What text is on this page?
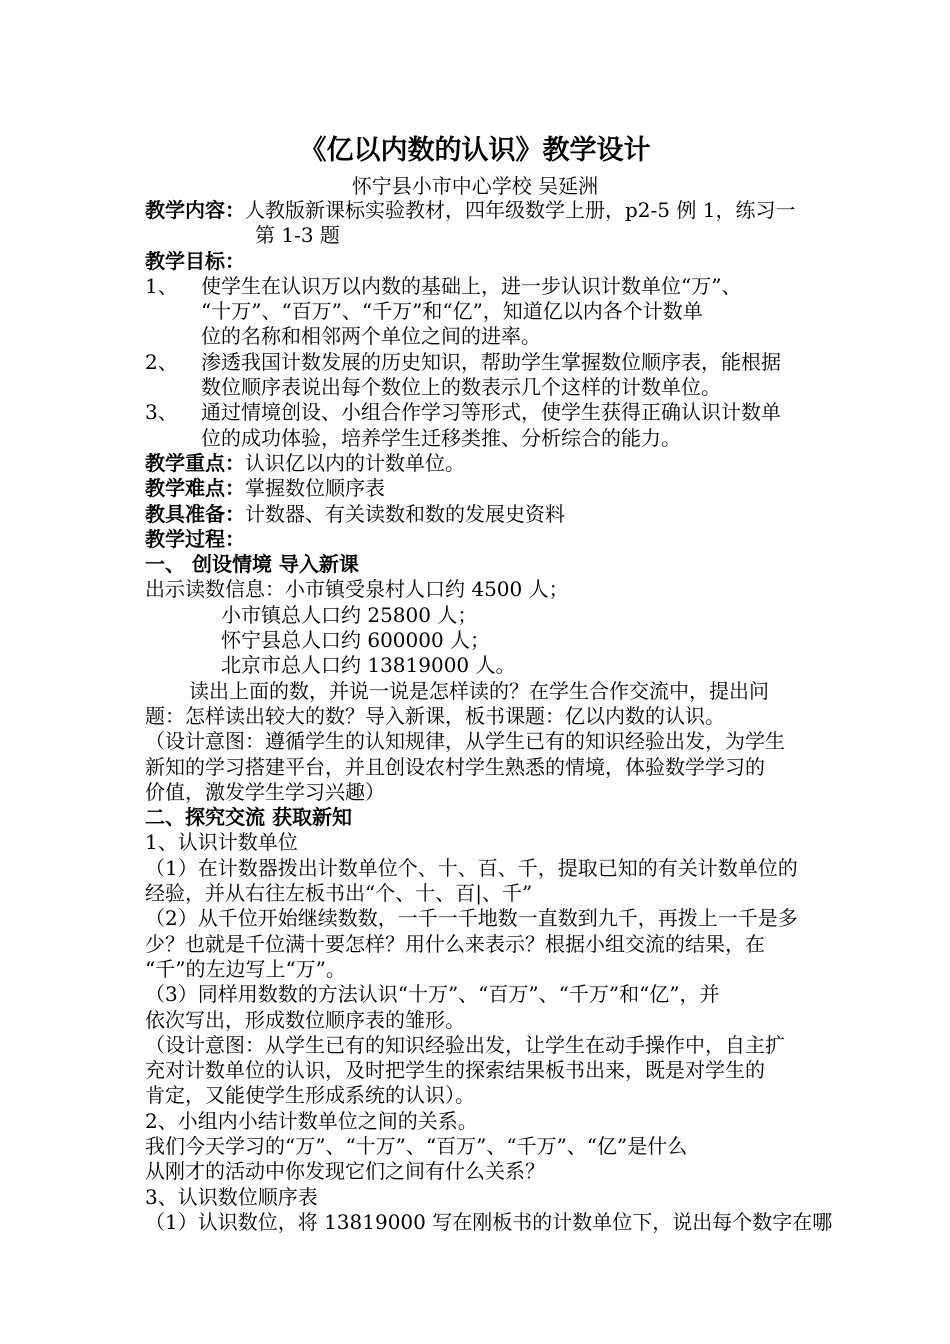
《亿以内数的认识》教学设计
怀宁县小市中心学校 吴延洲
教学内容：人教版新课标实验教材，四年级数学上册，p2-5 例 1，练习一
第 1-3 题
教学目标：
1、 使学生在认识万以内数的基础上，进一步认识计数单位“万”、
“十万”、“百万”、“千万”和“亿”，知道亿以内各个计数单
位的名称和相邻两个单位之间的进率。
2、 渗透我国计数发展的历史知识，帮助学生掌握数位顺序表，能根据
数位顺序表说出每个数位上的数表示几个这样的计数单位。
3、 通过情境创设、小组合作学习等形式，使学生获得正确认识计数单
位的成功体验，培养学生迁移类推、分析综合的能力。
教学重点：认识亿以内的计数单位。
教学难点：掌握数位顺序表
教具准备：计数器、有关读数和数的发展史资料
教学过程：
一、 创设情境 导入新课
出示读数信息：小市镇受泉村人口约 4500 人；
小市镇总人口约 25800 人；
怀宁县总人口约 600000 人；
北京市总人口约 13819000 人。
读出上面的数，并说一说是怎样读的？在学生合作交流中，提出问
题：怎样读出较大的数？导入新课，板书课题：亿以内数的认识。
（设计意图：遵循学生的认知规律，从学生已有的知识经验出发，为学生
新知的学习搭建平台，并且创设农村学生熟悉的情境，体验数学学习的
价值，激发学生学习兴趣）
二、探究交流 获取新知
1、认识计数单位
（1）在计数器拨出计数单位个、十、百、千，提取已知的有关计数单位的
经验，并从右往左板书出“个、十、百|、千”
（2）从千位开始继续数数，一千一千地数一直数到九千，再拨上一千是多
少？也就是千位满十要怎样？用什么来表示？根据小组交流的结果，在
“千”的左边写上“万”。
（3）同样用数数的方法认识“十万”、“百万”、“千万”和“亿”，并
依次写出，形成数位顺序表的雏形。
（设计意图：从学生已有的知识经验出发，让学生在动手操作中，自主扩
充对计数单位的认识，及时把学生的探索结果板书出来，既是对学生的
肯定，又能使学生形成系统的认识）。
2、小组内小结计数单位之间的关系。
我们今天学习的“万”、“十万”、“百万”、“千万”、“亿”是什么
从刚才的活动中你发现它们之间有什么关系？
3、认识数位顺序表
（1）认识数位，将 13819000 写在刚板书的计数单位下，说出每个数字在哪
